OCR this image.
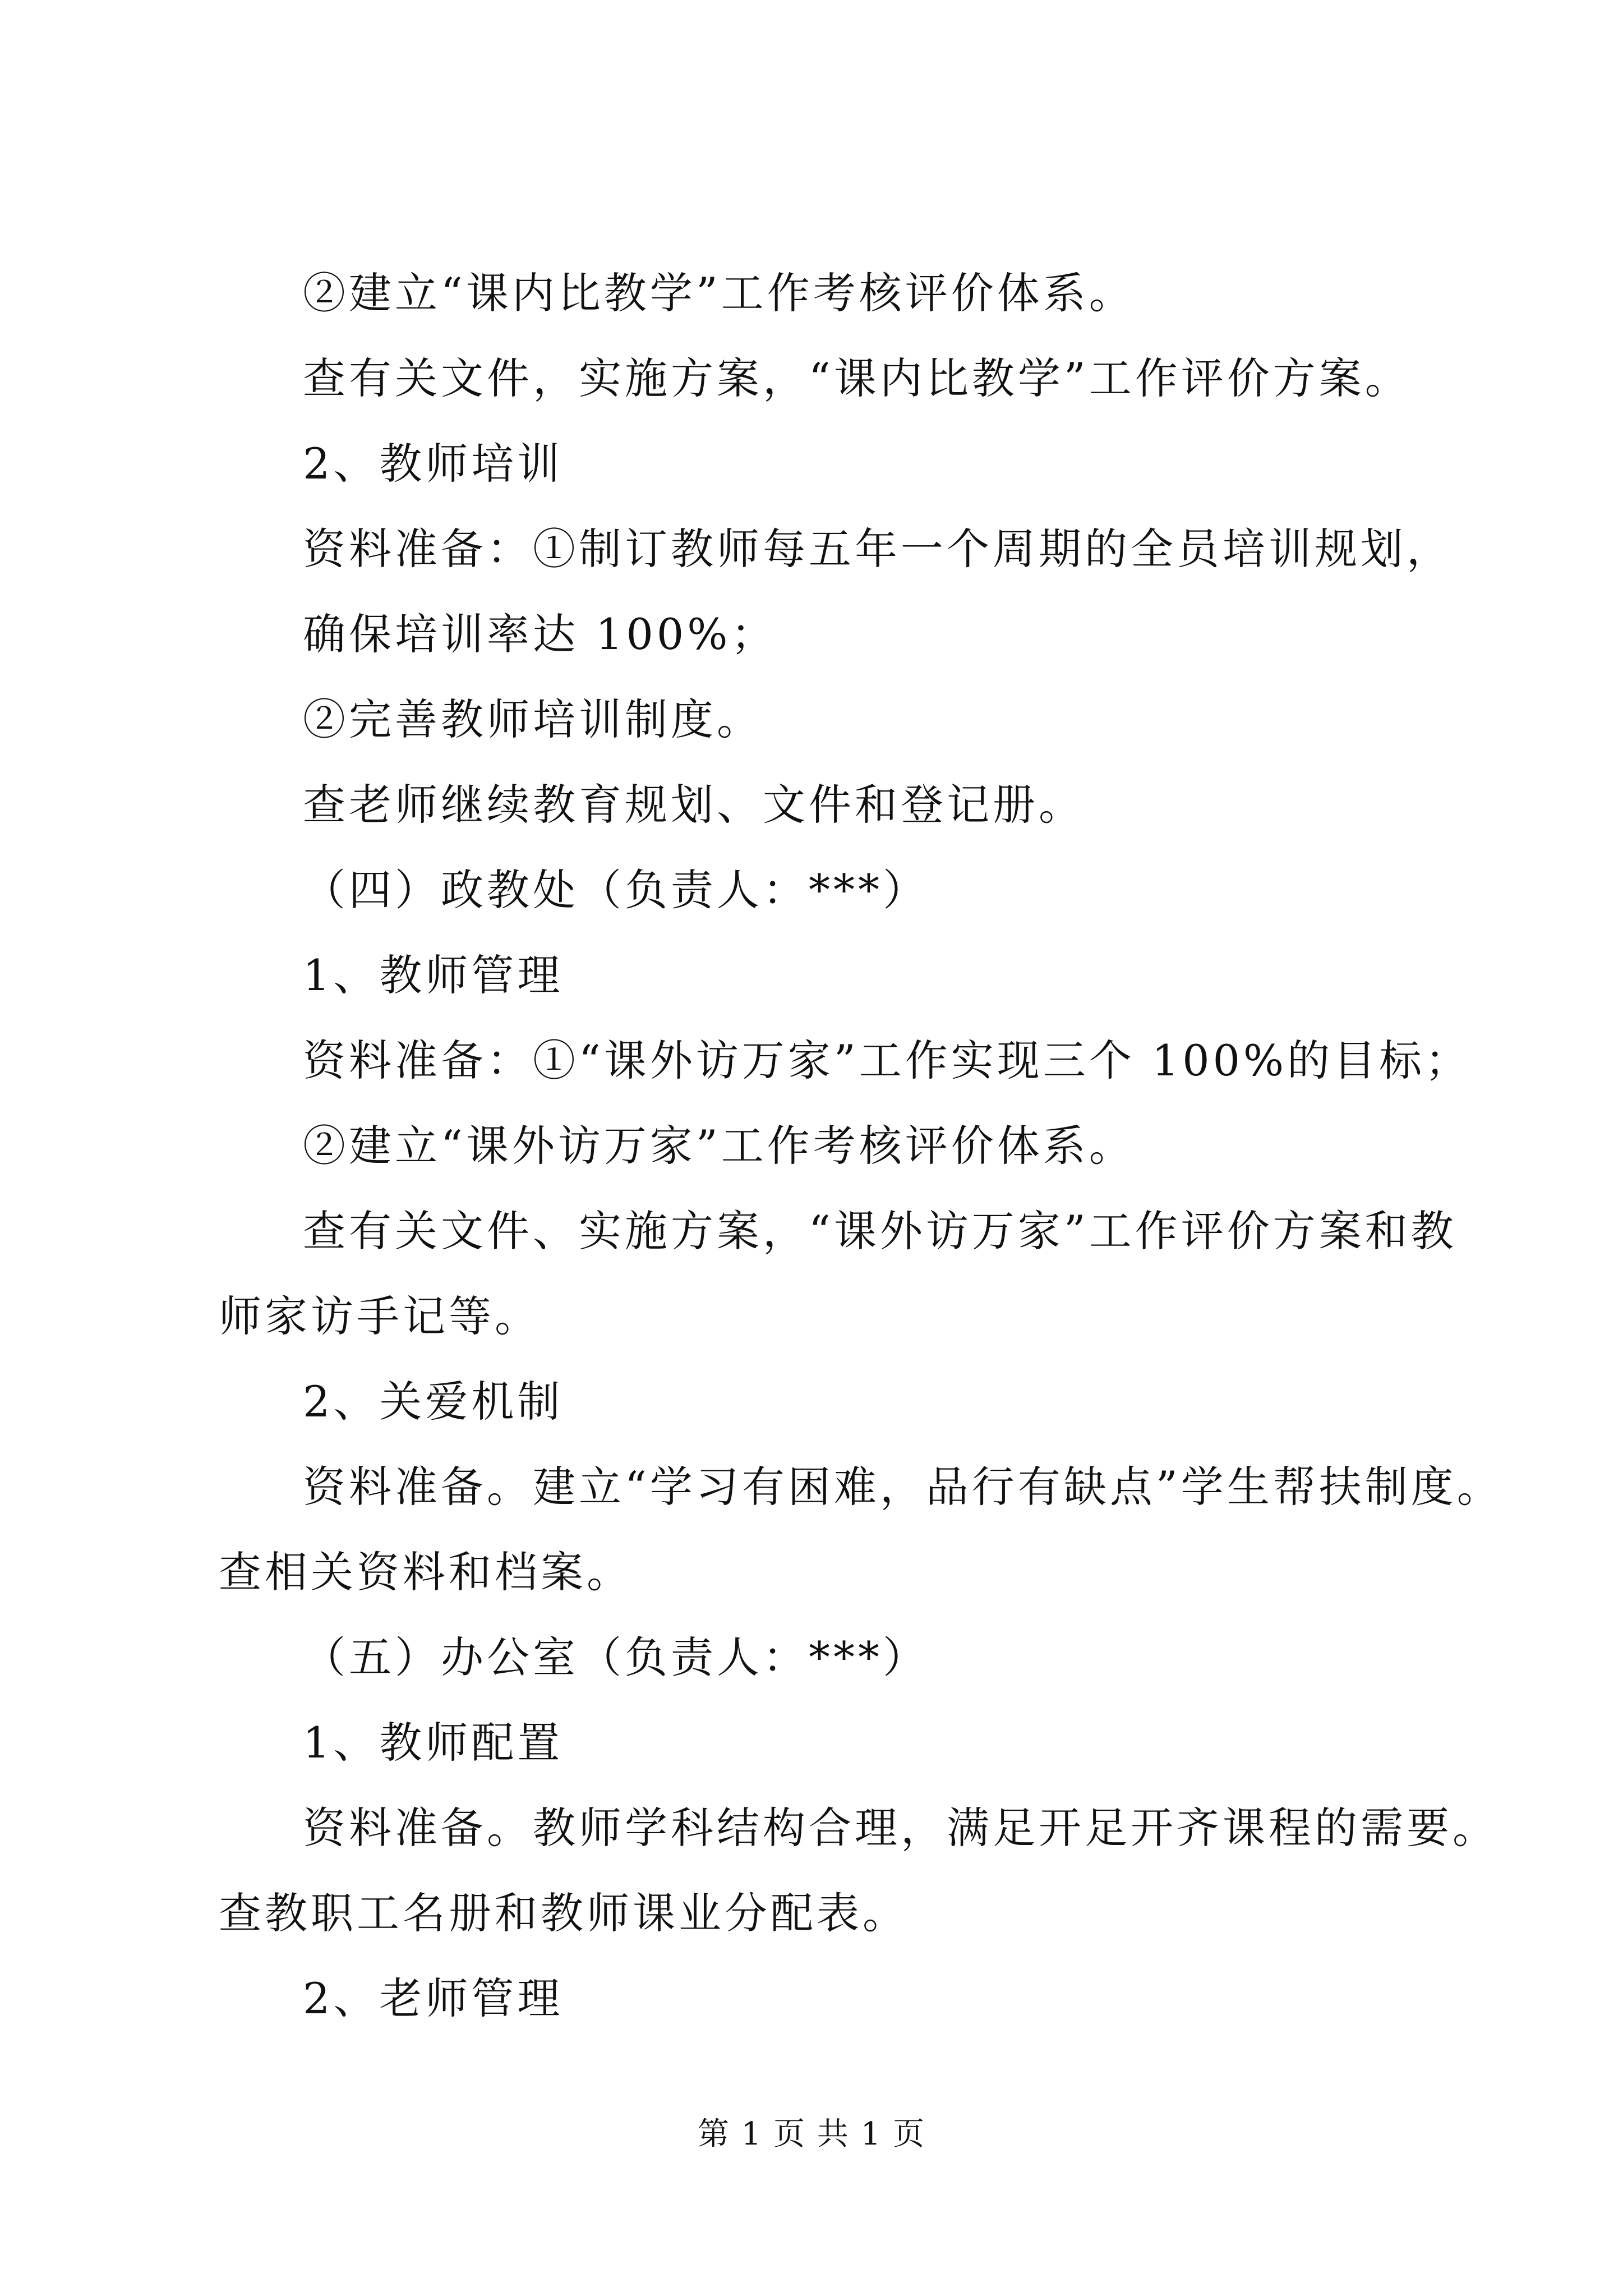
②建立“课内比教学”工作考核评价体系。
查有关文件，实施方案，“课内比教学”工作评价方案。
2、教师培训
资料准备：①制订教师每五年一个周期的全员培训规划，
确保培训率达 100%；
②完善教师培训制度。
查老师继续教育规划、文件和登记册。
（四）政教处（负责人：***）
1、教师管理
资料准备：①“课外访万家”工作实现三个 100%的目标；
②建立“课外访万家”工作考核评价体系。
查有关文件、实施方案，“课外访万家”工作评价方案和教
师家访手记等。
2、关爱机制
资料准备。建立“学习有困难，品行有缺点”学生帮扶制度。
查相关资料和档案。
（五）办公室（负责人：***）
1、教师配置
资料准备。教师学科结构合理，满足开足开齐课程的需要。
查教职工名册和教师课业分配表。
2、老师管理
第 1 页 共 1 页
